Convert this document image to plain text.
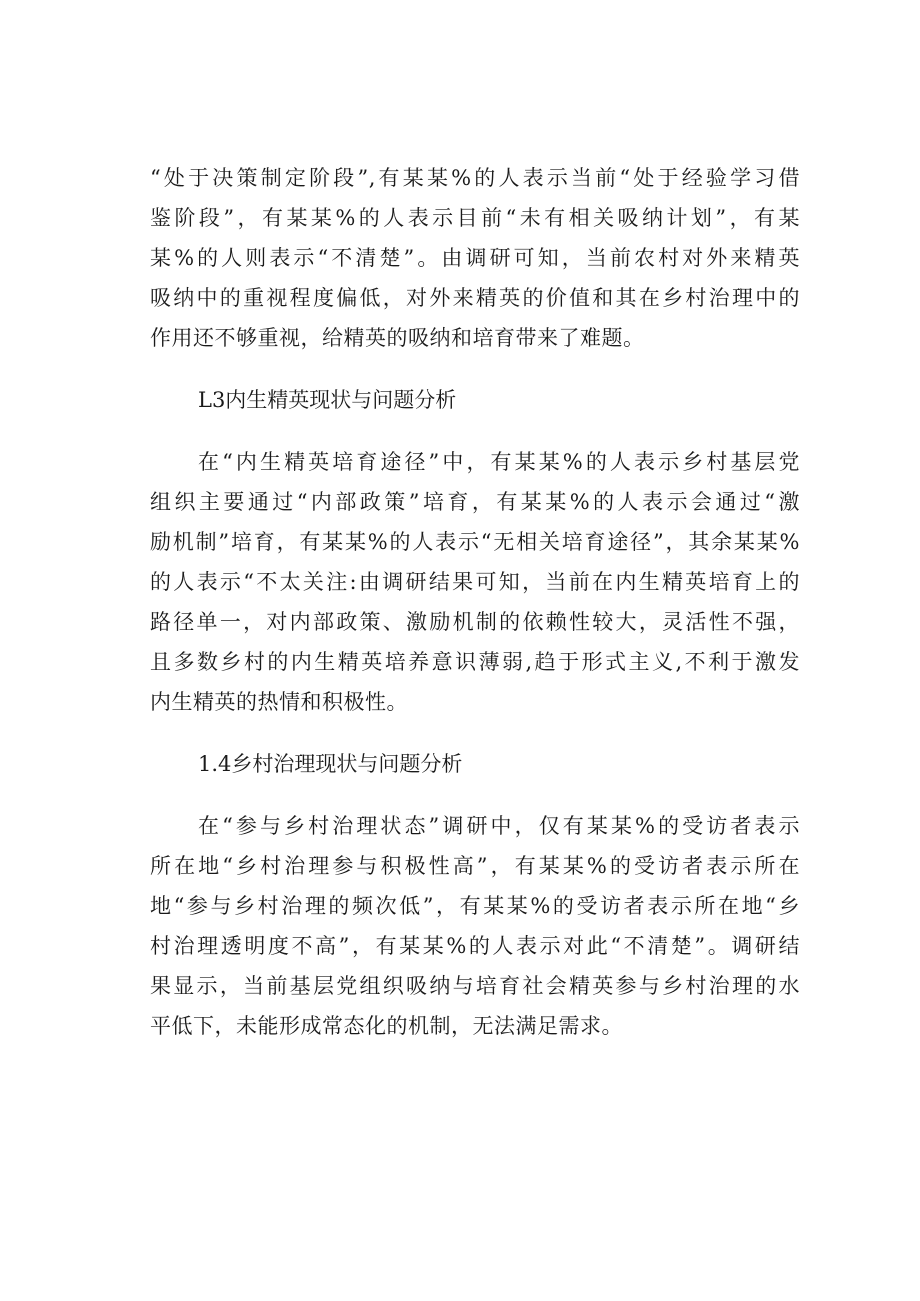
“处于决策制定阶段”,有某某%的人表示当前“处于经验学习借
鉴阶段”，有某某%的人表示目前“未有相关吸纳计划”，有某
某%的人则表示“不清楚”。由调研可知，当前农村对外来精英
吸纳中的重视程度偏低，对外来精英的价值和其在乡村治理中的
作用还不够重视，给精英的吸纳和培育带来了难题。
L3内生精英现状与问题分析
在“内生精英培育途径”中，有某某%的人表示乡村基层党
组织主要通过“内部政策”培育，有某某%的人表示会通过“激
励机制”培育，有某某%的人表示“无相关培育途径”，其余某某%
的人表示“不太关注:由调研结果可知，当前在内生精英培育上的
路径单一，对内部政策、激励机制的依赖性较大，灵活性不强，
且多数乡村的内生精英培养意识薄弱,趋于形式主义,不利于激发
内生精英的热情和积极性。
1.4乡村治理现状与问题分析
在“参与乡村治理状态”调研中，仅有某某%的受访者表示
所在地“乡村治理参与积极性高”，有某某%的受访者表示所在
地“参与乡村治理的频次低”，有某某%的受访者表示所在地“乡
村治理透明度不高”，有某某%的人表示对此“不清楚”。调研结
果显示，当前基层党组织吸纳与培育社会精英参与乡村治理的水
平低下，未能形成常态化的机制，无法满足需求。
